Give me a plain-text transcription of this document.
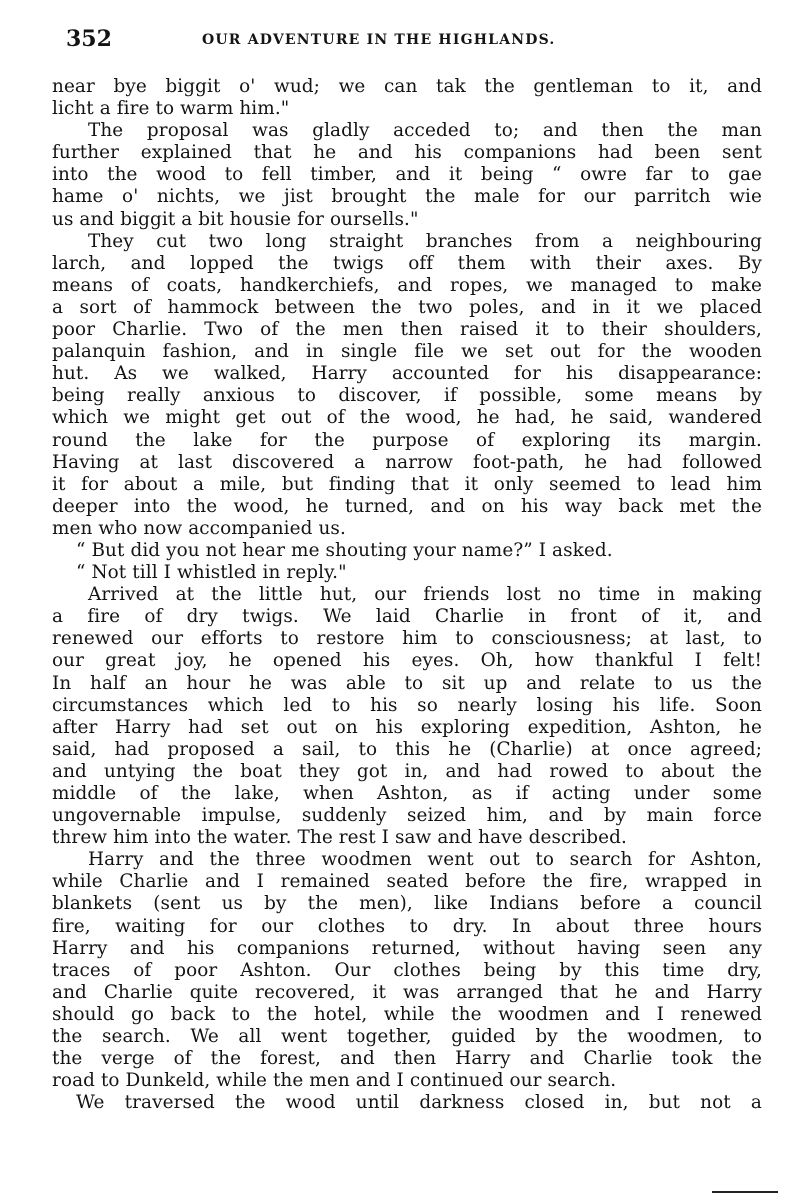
352	OUR ADVENTURE IN THE HIGHLANDS.
near bye biggit o' wud; we can tak the gentleman to it, and
licht a fire to warm him."
The proposal was gladly acceded to; and then the man
further explained that he and his companions had been sent
into the wood to fell timber, and it being “ owre far to gae
hame o' nichts, we jist brought the male for our parritch wie
us and biggit a bit housie for oursells."
They cut two long straight branches from a neighbouring
larch, and lopped the twigs off them with their axes. By
means of coats, handkerchiefs, and ropes, we managed to make
a sort of hammock between the two poles, and in it we placed
poor Charlie. Two of the men then raised it to their shoulders,
palanquin fashion, and in single file we set out for the wooden
hut. As we walked, Harry accounted for his disappearance:
being really anxious to discover, if possible, some means by
which we might get out of the wood, he had, he said, wandered
round the lake for the purpose of exploring its margin.
Having at last discovered a narrow foot-path, he had followed
it for about a mile, but finding that it only seemed to lead him
deeper into the wood, he turned, and on his way back met the
men who now accompanied us.
“ But did you not hear me shouting your name?” I asked.
“ Not till I whistled in reply."
Arrived at the little hut, our friends lost no time in making
a fire of dry twigs. We laid Charlie in front of it, and
renewed our efforts to restore him to consciousness; at last, to
our great joy, he opened his eyes. Oh, how thankful I felt!
In half an hour he was able to sit up and relate to us the
circumstances which led to his so nearly losing his life. Soon
after Harry had set out on his exploring expedition, Ashton, he
said, had proposed a sail, to this he (Charlie) at once agreed;
and untying the boat they got in, and had rowed to about the
middle of the lake, when Ashton, as if acting under some
ungovernable impulse, suddenly seized him, and by main force
threw him into the water. The rest I saw and have described.
Harry and the three woodmen went out to search for Ashton,
while Charlie and I remained seated before the fire, wrapped in
blankets (sent us by the men), like Indians before a council
fire, waiting for our clothes to dry. In about three hours
Harry and his companions returned, without having seen any
traces of poor Ashton. Our clothes being by this time dry,
and Charlie quite recovered, it was arranged that he and Harry
should go back to the hotel, while the woodmen and I renewed
the search. We all went together, guided by the woodmen, to
the verge of the forest, and then Harry and Charlie took the
road to Dunkeld, while the men and I continued our search.
We traversed the wood until darkness closed in, but not a
